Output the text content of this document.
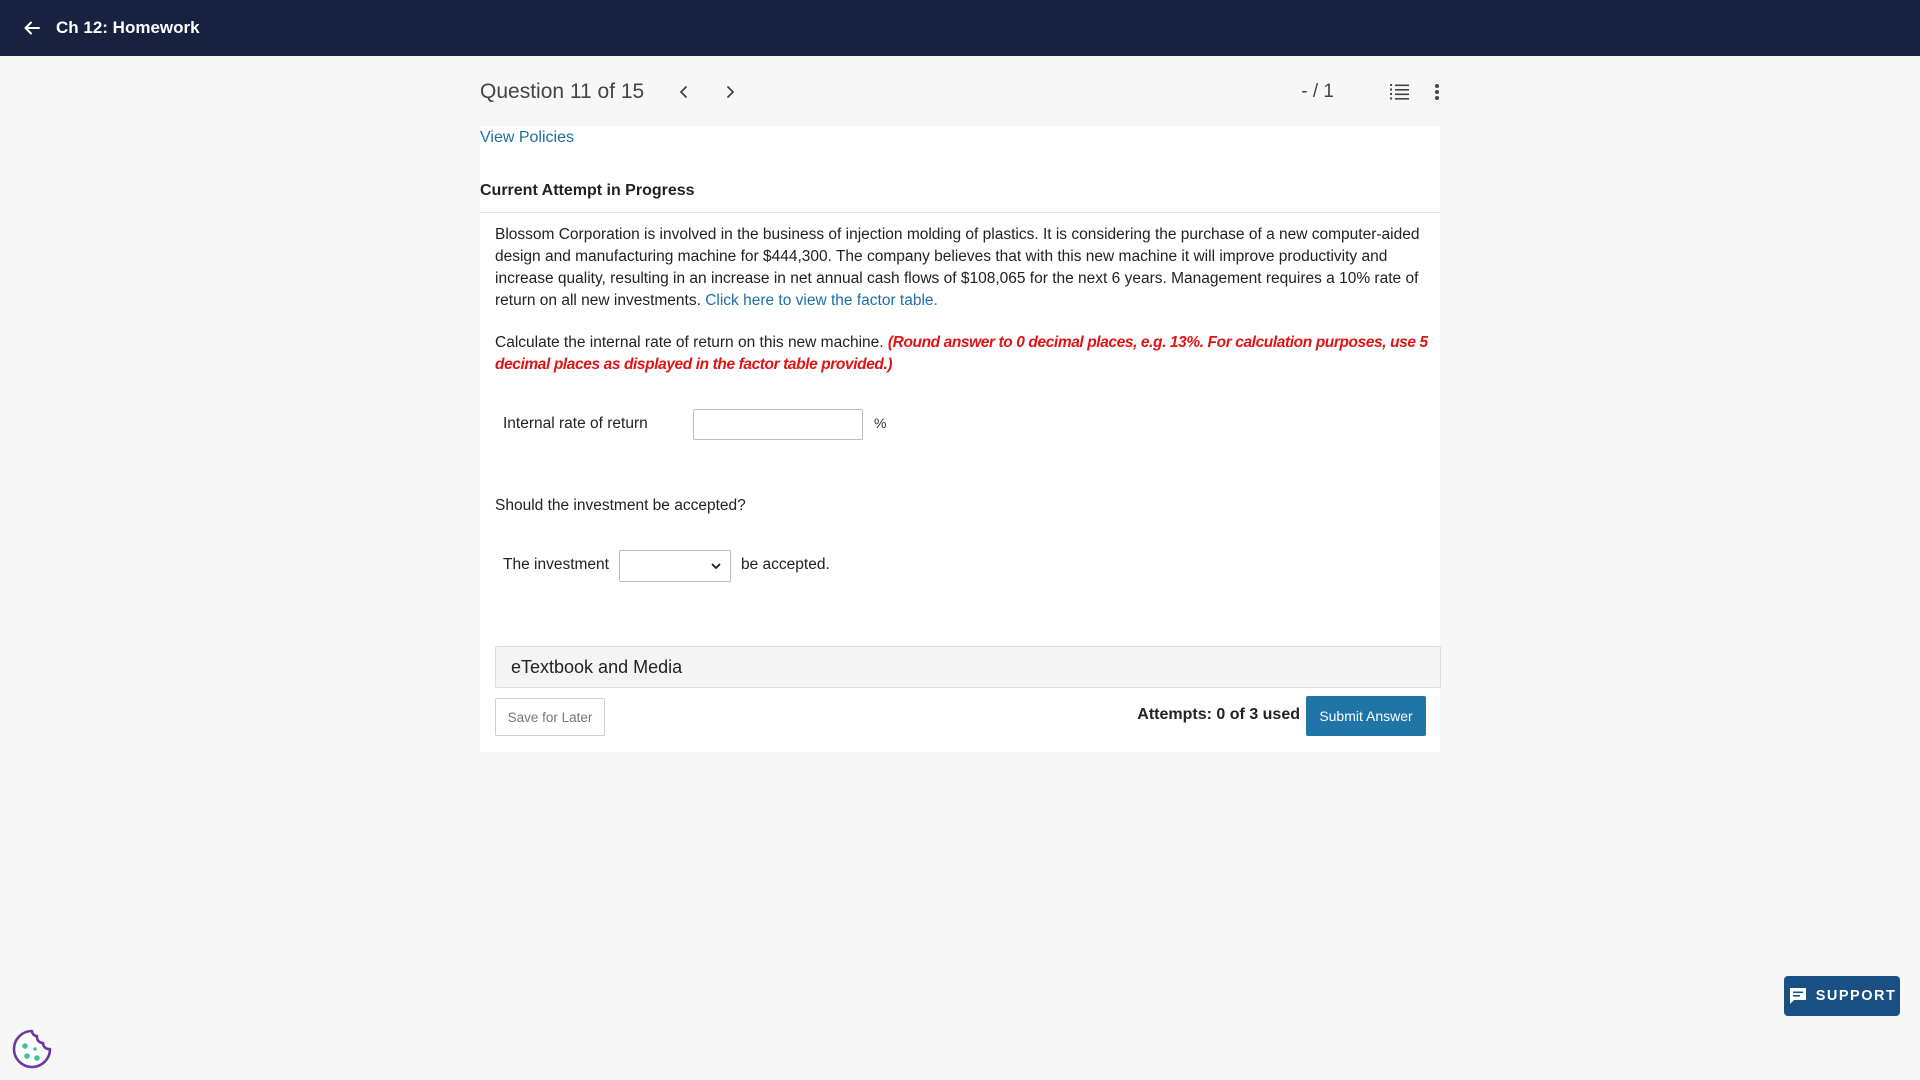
Ch 12: Homework
Question 11 of 15	- / 1
View Policies
Current Attempt in Progress
Blossom Corporation is involved in the business of injection molding of plastics. It is considering the purchase of a new computer-aided design and manufacturing machine for $444,300. The company believes that with this new machine it will improve productivity and increase quality, resulting in an increase in net annual cash flows of $108,065 for the next 6 years. Management requires a 10% rate of return on all new investments. Click here to view the factor table.
Calculate the internal rate of return on this new machine. (Round answer to 0 decimal places, e.g. 13%. For calculation purposes, use 5 decimal places as displayed in the factor table provided.)
Internal rate of return	%
Should the investment be accepted?
The investment	be accepted.
eTextbook and Media
Save for Later	Attempts: 0 of 3 used	Submit Answer
SUPPORT
